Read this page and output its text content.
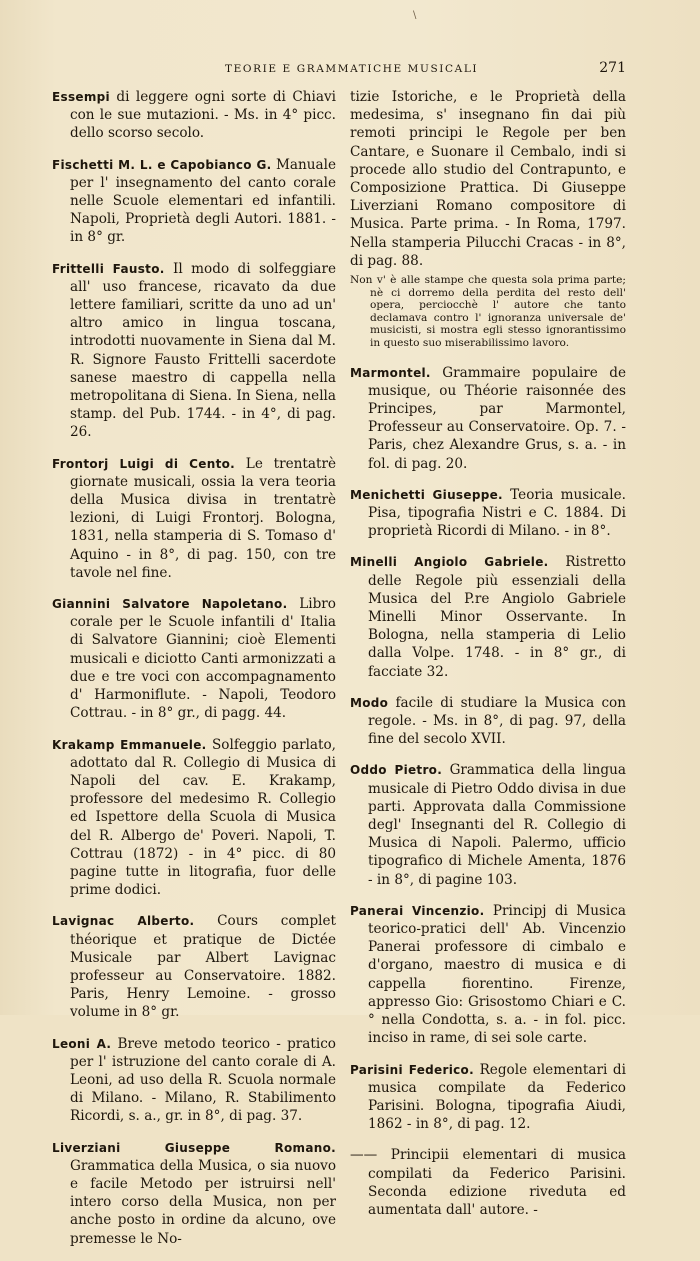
\
TEORIE E GRAMMATICHE MUSICALI	271

Essempi di leggere ogni sorte di Chiavi con le sue mutazioni. - Ms. in 4° picc. dello scorso secolo.

Fischetti M. L. e Capobianco G. Manuale per l' insegnamento del canto corale nelle Scuole elementari ed infantili. Napoli, Proprietà degli Autori. 1881. - in 8° gr.

Frittelli Fausto. Il modo di solfeggiare all' uso francese, ricavato da due lettere familiari, scritte da uno ad un' altro amico in lingua toscana, introdotti nuovamente in Siena dal M. R. Signore Fausto Frittelli sacerdote sanese maestro di cappella nella metropolitana di Siena. In Siena, nella stamp. del Pub. 1744. - in 4°, di pag. 26.

Frontorj Luigi di Cento. Le trentatrè giornate musicali, ossia la vera teoria della Musica divisa in trentatrè lezioni, di Luigi Frontorj. Bologna, 1831, nella stamperia di S. Tomaso d' Aquino - in 8°, di pag. 150, con tre tavole nel fine.

Giannini Salvatore Napoletano. Libro corale per le Scuole infantili d' Italia di Salvatore Giannini; cioè Elementi musicali e diciotto Canti armonizzati a due e tre voci con accompagnamento d' Harmoniflute. - Napoli, Teodoro Cottrau. - in 8° gr., di pagg. 44.

Krakamp Emmanuele. Solfeggio parlato, adottato dal R. Collegio di Musica di Napoli del cav. E. Krakamp, professore del medesimo R. Collegio ed Ispettore della Scuola di Musica del R. Albergo de' Poveri. Napoli, T. Cottrau (1872) - in 4° picc. di 80 pagine tutte in litografia, fuor delle prime dodici.

Lavignac Alberto. Cours complet théorique et pratique de Dictée Musicale par Albert Lavignac professeur au Conservatoire. 1882. Paris, Henry Lemoine. - grosso volume in 8° gr.

Leoni A. Breve metodo teorico - pratico per l' istruzione del canto corale di A. Leoni, ad uso della R. Scuola normale di Milano. - Milano, R. Stabilimento Ricordi, s. a., gr. in 8°, di pag. 37.

Liverziani Giuseppe Romano. Grammatica della Musica, o sia nuovo e facile Metodo per istruirsi nell' intero corso della Musica, non per anche posto in ordine da alcuno, ove premesse le No-

tizie Istoriche, e le Proprietà della medesima, s' insegnano fin dai più remoti principi le Regole per ben Cantare, e Suonare il Cembalo, indi si procede allo studio del Contrapunto, e Composizione Prattica. Di Giuseppe Liverziani Romano compositore di Musica. Parte prima. - In Roma, 1797. Nella stamperia Pilucchi Cracas - in 8°, di pag. 88.

Non v' è alle stampe che questa sola prima parte; nè ci dorremo della perdita del resto dell' opera, perciocchè l' autore che tanto declamava contro l' ignoranza universale de' musicisti, si mostra egli stesso ignorantissimo in questo suo miserabilissimo lavoro.

Marmontel. Grammaire populaire de musique, ou Théorie raisonnée des Principes, par Marmontel, Professeur au Conservatoire. Op. 7. - Paris, chez Alexandre Grus, s. a. - in fol. di pag. 20.

Menichetti Giuseppe. Teoria musicale. Pisa, tipografia Nistri e C. 1884. Di proprietà Ricordi di Milano. - in 8°.

Minelli Angiolo Gabriele. Ristretto delle Regole più essenziali della Musica del P.re Angiolo Gabriele Minelli Minor Osservante. In Bologna, nella stamperia di Lelio dalla Volpe. 1748. - in 8° gr., di facciate 32.

Modo facile di studiare la Musica con regole. - Ms. in 8°, di pag. 97, della fine del secolo XVII.

Oddo Pietro. Grammatica della lingua musicale di Pietro Oddo divisa in due parti. Approvata dalla Commissione degl' Insegnanti del R. Collegio di Musica di Napoli. Palermo, ufficio tipografico di Michele Amenta, 1876 - in 8°, di pagine 103.

Panerai Vincenzio. Principj di Musica teorico-pratici dell' Ab. Vincenzio Panerai professore di cimbalo e d'organo, maestro di musica e di cappella fiorentino. Firenze, appresso Gio: Grisostomo Chiari e C.° nella Condotta, s. a. - in fol. picc. inciso in rame, di sei sole carte.

Parisini Federico. Regole elementari di musica compilate da Federico Parisini. Bologna, tipografia Aiudi, 1862 - in 8°, di pag. 12.

—— Principii elementari di musica compilati da Federico Parisini. Seconda edizione riveduta ed aumentata dall' autore. -
